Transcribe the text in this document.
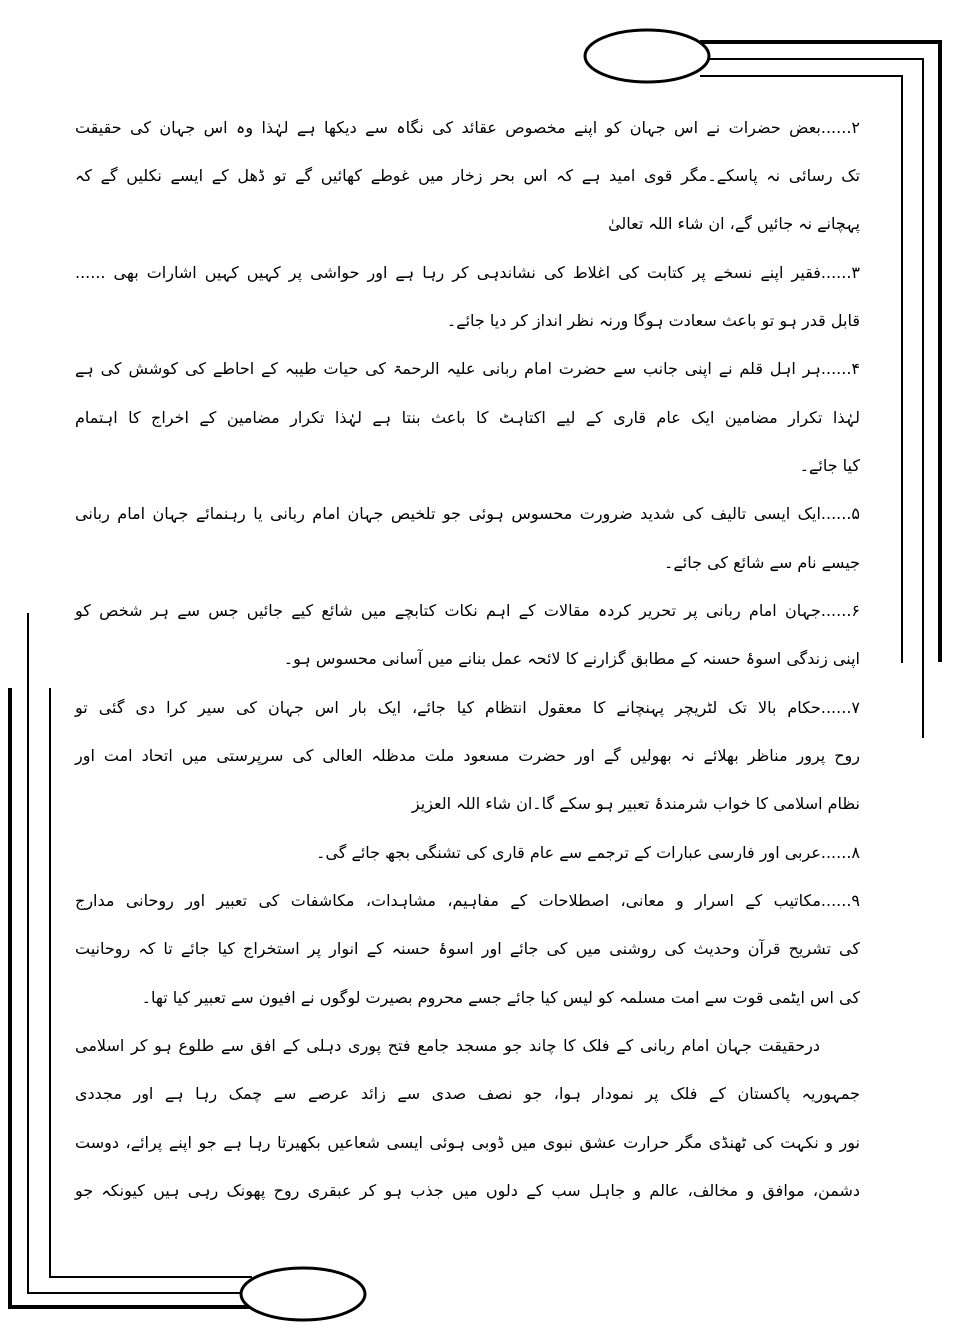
۲......بعض حضرات نے اس جہان کو اپنے مخصوص عقائد کی نگاہ سے دیکھا ہے لہٰذا وہ اس جہان کی حقیقت
تک رسائی نہ پاسکے۔مگر قوی امید ہے کہ اس بحر زخار میں غوطے کھائیں گے تو ڈھل کے ایسے نکلیں گے کہ
پہچانے نہ جائیں گے، ان شاء اللہ تعالیٰ
۳......فقیر اپنے نسخے پر کتابت کی اغلاط کی نشاندہی کر رہا ہے اور حواشی پر کہیں کہیں اشارات بھی ......
قابل قدر ہو تو باعث سعادت ہوگا ورنہ نظر انداز کر دیا جائے۔
۴......ہر اہل قلم نے اپنی جانب سے حضرت امام ربانی علیہ الرحمۃ کی حیات طیبہ کے احاطے کی کوشش کی ہے
لہٰذا تکرار مضامین ایک عام قاری کے لیے اکتاہٹ کا باعث بنتا ہے لہٰذا تکرار مضامین کے اخراج کا اہتمام
کیا جائے۔
۵......ایک ایسی تالیف کی شدید ضرورت محسوس ہوئی جو تلخیص جہان امام ربانی یا رہنمائے جہان امام ربانی
جیسے نام سے شائع کی جائے۔
۶......جہان امام ربانی پر تحریر کردہ مقالات کے اہم نکات کتابچے میں شائع کیے جائیں جس سے ہر شخص کو
اپنی زندگی اسوۂ حسنہ کے مطابق گزارنے کا لائحہ عمل بنانے میں آسانی محسوس ہو۔
۷......حکام بالا تک لٹریچر پہنچانے کا معقول انتظام کیا جائے، ایک بار اس جہان کی سیر کرا دی گئی تو
روح پرور مناظر بھلائے نہ بھولیں گے اور حضرت مسعود ملت مدظلہ العالی کی سرپرستی میں اتحاد امت اور
نظام اسلامی کا خواب شرمندۂ تعبیر ہو سکے گا۔ان شاء اللہ العزیز
۸......عربی اور فارسی عبارات کے ترجمے سے عام قاری کی تشنگی بجھ جائے گی۔
۹......مکاتیب کے اسرار و معانی، اصطلاحات کے مفاہیم، مشاہدات، مکاشفات کی تعبیر اور روحانی مدارج
کی تشریح قرآن وحدیث کی روشنی میں کی جائے اور اسوۂ حسنہ کے انوار پر استخراج کیا جائے تا کہ روحانیت
کی اس ایٹمی قوت سے امت مسلمہ کو لیس کیا جائے جسے محروم بصیرت لوگوں نے افیون سے تعبیر کیا تھا۔
درحقیقت جہان امام ربانی کے فلک کا چاند جو مسجد جامع فتح پوری دہلی کے افق سے طلوع ہو کر اسلامی
جمہوریہ پاکستان کے فلک پر نمودار ہوا، جو نصف صدی سے زائد عرصے سے چمک رہا ہے اور مجددی
نور و نکہت کی ٹھنڈی مگر حرارت عشق نبوی میں ڈوبی ہوئی ایسی شعاعیں بکھیرتا رہا ہے جو اپنے پرائے، دوست
دشمن، موافق و مخالف، عالم و جاہل سب کے دلوں میں جذب ہو کر عبقری روح پھونک رہی ہیں کیونکہ جو
